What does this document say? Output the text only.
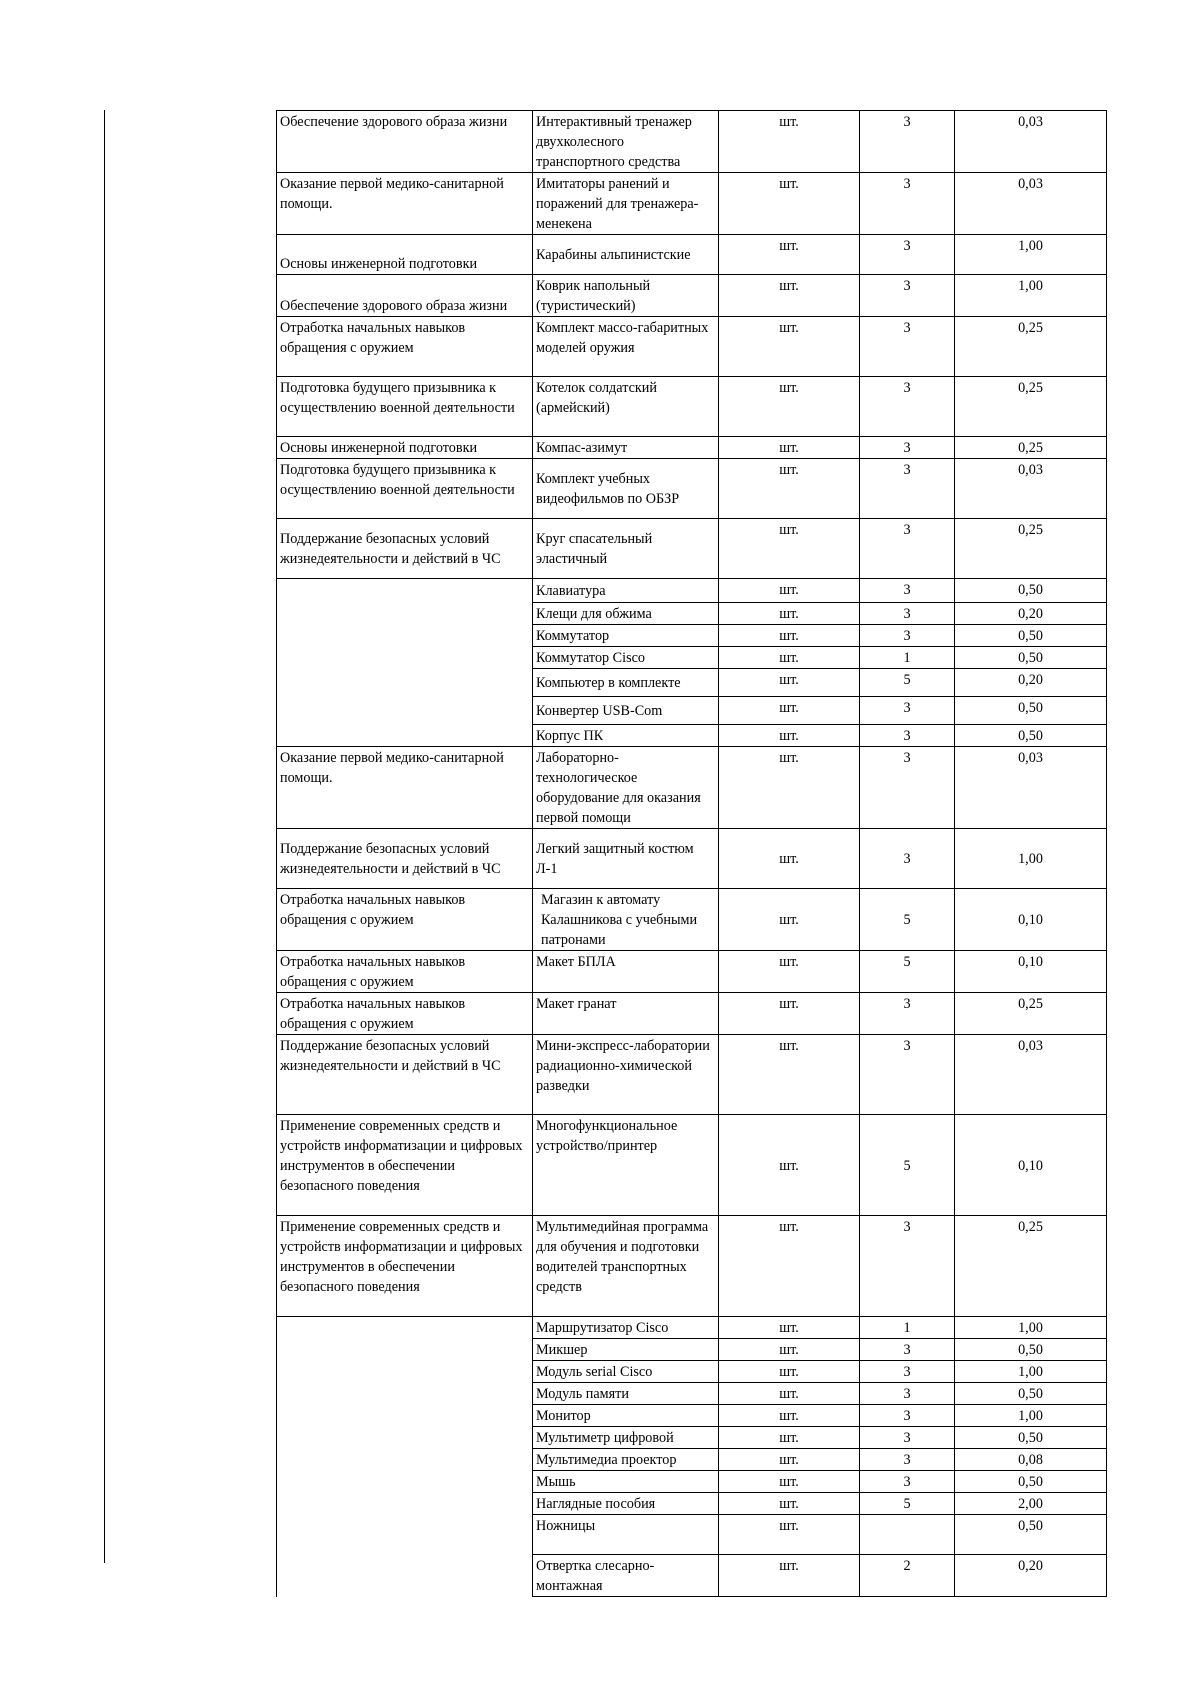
Обеспечение здорового образа жизни	Интерактивный тренажер двухколесного транспортного средства	шт.	3	0,03
Оказание первой медико-санитарной помощи.	Имитаторы ранений и поражений для тренажера-менекена	шт.	3	0,03
Основы инженерной подготовки	Карабины альпинистские	шт.	3	1,00
Обеспечение здорового образа жизни	Коврик напольный (туристический)	шт.	3	1,00
Отработка начальных навыков обращения с оружием	Комплект массо-габаритных моделей оружия	шт.	3	0,25
Подготовка будущего призывника к осуществлению военной деятельности	Котелок солдатский (армейский)	шт.	3	0,25
Основы инженерной подготовки	Компас-азимут	шт.	3	0,25
Подготовка будущего призывника к осуществлению военной деятельности	Комплект учебных видеофильмов по ОБЗР	шт.	3	0,03
Поддержание безопасных условий жизнедеятельности и действий в ЧС	Круг спасательный эластичный	шт.	3	0,25
	Клавиатура	шт.	3	0,50
	Клещи для обжима	шт.	3	0,20
	Коммутатор	шт.	3	0,50
	Коммутатор Cisco	шт.	1	0,50
	Компьютер в комплекте	шт.	5	0,20
	Конвертер USB-Com	шт.	3	0,50
	Корпус ПК	шт.	3	0,50
Оказание первой медико-санитарной помощи.	Лабораторно-технологическое оборудование для оказания первой помощи	шт.	3	0,03
Поддержание безопасных условий жизнедеятельности и действий в ЧС	Легкий защитный костюм Л-1	шт.	3	1,00
Отработка начальных навыков обращения с оружием	Магазин к автомату Калашникова с учебными патронами	шт.	5	0,10
Отработка начальных навыков обращения с оружием	Макет БПЛА	шт.	5	0,10
Отработка начальных навыков обращения с оружием	Макет гранат	шт.	3	0,25
Поддержание безопасных условий жизнедеятельности и действий в ЧС	Мини-экспресс-лаборатории радиационно-химической разведки	шт.	3	0,03
Применение современных средств и устройств информатизации и цифровых инструментов в обеспечении безопасного поведения	Многофункциональное устройство/принтер	шт.	5	0,10
Применение современных средств и устройств информатизации и цифровых инструментов в обеспечении безопасного поведения	Мультимедийная программа для обучения и подготовки водителей транспортных средств	шт.	3	0,25
	Маршрутизатор Cisco	шт.	1	1,00
	Микшер	шт.	3	0,50
	Модуль serial Cisco	шт.	3	1,00
	Модуль памяти	шт.	3	0,50
	Монитор	шт.	3	1,00
	Мультиметр цифровой	шт.	3	0,50
	Мультимедиа проектор	шт.	3	0,08
	Мышь	шт.	3	0,50
	Наглядные пособия	шт.	5	2,00
	Ножницы	шт.		0,50
	Отвертка слесарно-монтажная	шт.	2	0,20
